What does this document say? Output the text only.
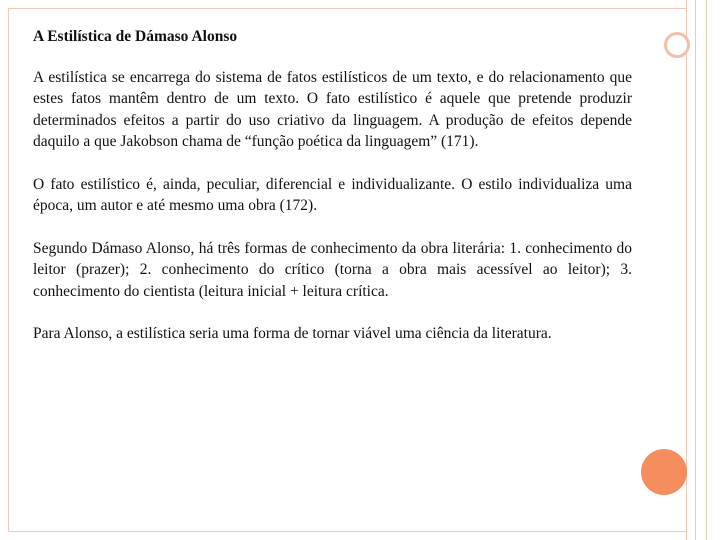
A Estilística de Dámaso Alonso

A estilística se encarrega do sistema de fatos estilísticos de um texto, e do relacionamento que estes fatos mantêm dentro de um texto. O fato estilístico é aquele que pretende produzir determinados efeitos a partir do uso criativo da linguagem. A produção de efeitos depende daquilo a que Jakobson chama de “função poética da linguagem” (171).

O fato estilístico é, ainda, peculiar, diferencial e individualizante. O estilo individualiza uma época, um autor e até mesmo uma obra (172).

Segundo Dámaso Alonso, há três formas de conhecimento da obra literária: 1. conhecimento do leitor (prazer); 2. conhecimento do crítico (torna a obra mais acessível ao leitor); 3. conhecimento do cientista (leitura inicial + leitura crítica.

Para Alonso, a estilística seria uma forma de tornar viável uma ciência da literatura.
